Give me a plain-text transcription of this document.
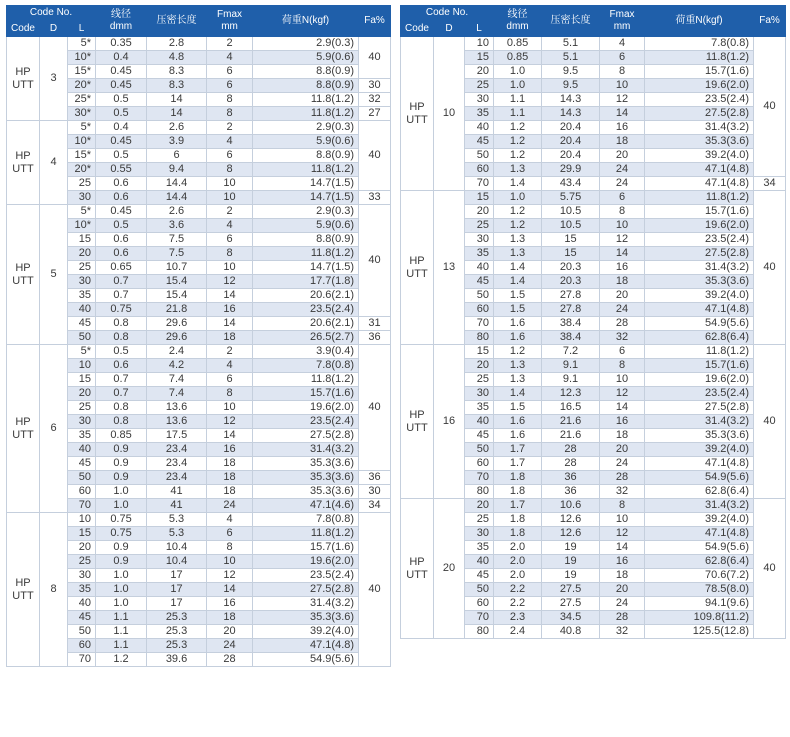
Code No.			线径
dmm	压密长度	Fmax
mm	荷重N(kgf)	Fa%
Code	D	L					
HP
UTT	3	5*	0.35	2.8	2	2.9(0.3)	40
		10*	0.4	4.8	4	5.9(0.6)	
		15*	0.45	8.3	6	8.8(0.9)	
		20*	0.45	8.3	6	8.8(0.9)	30
		25*	0.5	14	8	11.8(1.2)	32
		30*	0.5	14	8	11.8(1.2)	27
HP
UTT	4	5*	0.4	2.6	2	2.9(0.3)	40
		10*	0.45	3.9	4	5.9(0.6)	
		15*	0.5	6	6	8.8(0.9)	
		20*	0.55	9.4	8	11.8(1.2)	
		25	0.6	14.4	10	14.7(1.5)	
		30	0.6	14.4	10	14.7(1.5)	33
HP
UTT	5	5*	0.45	2.6	2	2.9(0.3)	40
		10*	0.5	3.6	4	5.9(0.6)	
		15	0.6	7.5	6	8.8(0.9)	
		20	0.6	7.5	8	11.8(1.2)	
		25	0.65	10.7	10	14.7(1.5)	
		30	0.7	15.4	12	17.7(1.8)	
		35	0.7	15.4	14	20.6(2.1)	
		40	0.75	21.8	16	23.5(2.4)	
		45	0.8	29.6	14	20.6(2.1)	31
		50	0.8	29.6	18	26.5(2.7)	36
HP
UTT	6	5*	0.5	2.4	2	3.9(0.4)	40
		10	0.6	4.2	4	7.8(0.8)	
		15	0.7	7.4	6	11.8(1.2)	
		20	0.7	7.4	8	15.7(1.6)	
		25	0.8	13.6	10	19.6(2.0)	
		30	0.8	13.6	12	23.5(2.4)	
		35	0.85	17.5	14	27.5(2.8)	
		40	0.9	23.4	16	31.4(3.2)	
		45	0.9	23.4	18	35.3(3.6)	
		50	0.9	23.4	18	35.3(3.6)	36
		60	1.0	41	18	35.3(3.6)	30
		70	1.0	41	24	47.1(4.6)	34
HP
UTT	8	10	0.75	5.3	4	7.8(0.8)	40
		15	0.75	5.3	6	11.8(1.2)	
		20	0.9	10.4	8	15.7(1.6)	
		25	0.9	10.4	10	19.6(2.0)	
		30	1.0	17	12	23.5(2.4)	
		35	1.0	17	14	27.5(2.8)	
		40	1.0	17	16	31.4(3.2)	
		45	1.1	25.3	18	35.3(3.6)	
		50	1.1	25.3	20	39.2(4.0)	
		60	1.1	25.3	24	47.1(4.8)	
		70	1.2	39.6	28	54.9(5.6)	
Code No.			线径
dmm	压密长度	Fmax
mm	荷重N(kgf)	Fa%
Code	D	L					
HP
UTT	10	10	0.85	5.1	4	7.8(0.8)	40
		15	0.85	5.1	6	11.8(1.2)	
		20	1.0	9.5	8	15.7(1.6)	
		25	1.0	9.5	10	19.6(2.0)	
		30	1.1	14.3	12	23.5(2.4)	
		35	1.1	14.3	14	27.5(2.8)	
		40	1.2	20.4	16	31.4(3.2)	
		45	1.2	20.4	18	35.3(3.6)	
		50	1.2	20.4	20	39.2(4.0)	
		60	1.3	29.9	24	47.1(4.8)	
		70	1.4	43.4	24	47.1(4.8)	34
HP
UTT	13	15	1.0	5.75	6	11.8(1.2)	40
		20	1.2	10.5	8	15.7(1.6)	
		25	1.2	10.5	10	19.6(2.0)	
		30	1.3	15	12	23.5(2.4)	
		35	1.3	15	14	27.5(2.8)	
		40	1.4	20.3	16	31.4(3.2)	
		45	1.4	20.3	18	35.3(3.6)	
		50	1.5	27.8	20	39.2(4.0)	
		60	1.5	27.8	24	47.1(4.8)	
		70	1.6	38.4	28	54.9(5.6)	
		80	1.6	38.4	32	62.8(6.4)	
HP
UTT	16	15	1.2	7.2	6	11.8(1.2)	40
		20	1.3	9.1	8	15.7(1.6)	
		25	1.3	9.1	10	19.6(2.0)	
		30	1.4	12.3	12	23.5(2.4)	
		35	1.5	16.5	14	27.5(2.8)	
		40	1.6	21.6	16	31.4(3.2)	
		45	1.6	21.6	18	35.3(3.6)	
		50	1.7	28	20	39.2(4.0)	
		60	1.7	28	24	47.1(4.8)	
		70	1.8	36	28	54.9(5.6)	
		80	1.8	36	32	62.8(6.4)	
HP
UTT	20	20	1.7	10.6	8	31.4(3.2)	40
		25	1.8	12.6	10	39.2(4.0)	
		30	1.8	12.6	12	47.1(4.8)	
		35	2.0	19	14	54.9(5.6)	
		40	2.0	19	16	62.8(6.4)	
		45	2.0	19	18	70.6(7.2)	
		50	2.2	27.5	20	78.5(8.0)	
		60	2.2	27.5	24	94.1(9.6)	
		70	2.3	34.5	28	109.8(11.2)	
		80	2.4	40.8	32	125.5(12.8)	
